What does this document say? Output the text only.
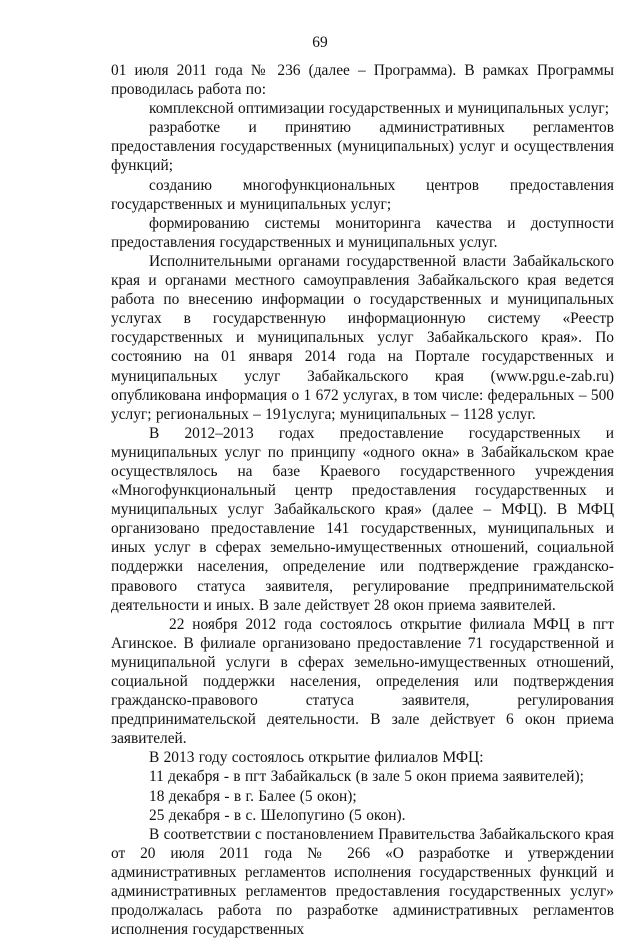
69

01 июля 2011 года № 236 (далее – Программа). В рамках Программы проводилась работа по:

комплексной оптимизации государственных и муниципальных услуг;

разработке и принятию административных регламентов предоставления государственных (муниципальных) услуг и осуществления функций;

созданию многофункциональных центров предоставления государственных и муниципальных услуг;

формированию системы мониторинга качества и доступности предоставления государственных и муниципальных услуг.

Исполнительными органами государственной власти Забайкальского края и органами местного самоуправления Забайкальского края ведется работа по внесению информации о государственных и муниципальных услугах в государственную информационную систему «Реестр государственных и муниципальных услуг Забайкальского края». По состоянию на 01 января 2014 года на Портале государственных и муниципальных услуг Забайкальского края (www.pgu.e-zab.ru) опубликована информация о 1 672 услугах, в том числе: федеральных – 500 услуг; региональных – 191услуга; муниципальных – 1128 услуг.

В 2012–2013 годах предоставление государственных и муниципальных услуг по принципу «одного окна» в Забайкальском крае осуществлялось на базе Краевого государственного учреждения «Многофункциональный центр предоставления государственных и муниципальных услуг Забайкальского края» (далее – МФЦ). В МФЦ организовано предоставление 141 государственных, муниципальных и иных услуг в сферах земельно-имущественных отношений, социальной поддержки населения, определение или подтверждение гражданско-правового статуса заявителя, регулирование предпринимательской деятельности и иных. В зале действует 28 окон приема заявителей.

22 ноября 2012 года состоялось открытие филиала МФЦ в пгт Агинское. В филиале организовано предоставление 71 государственной и муниципальной услуги в сферах земельно-имущественных отношений, социальной поддержки населения, определения или подтверждения гражданско-правового статуса заявителя, регулирования предпринимательской деятельности. В зале действует 6 окон приема заявителей.

В 2013 году состоялось открытие филиалов МФЦ:

11 декабря - в пгт Забайкальск (в зале 5 окон приема заявителей);

18 декабря - в г. Балее (5 окон);

25 декабря - в с. Шелопугино (5 окон).

В соответствии с постановлением Правительства Забайкальского края от 20 июля 2011 года № 266 «О разработке и утверждении административных регламентов исполнения государственных функций и административных регламентов предоставления государственных услуг» продолжалась работа по разработке административных регламентов исполнения государственных
